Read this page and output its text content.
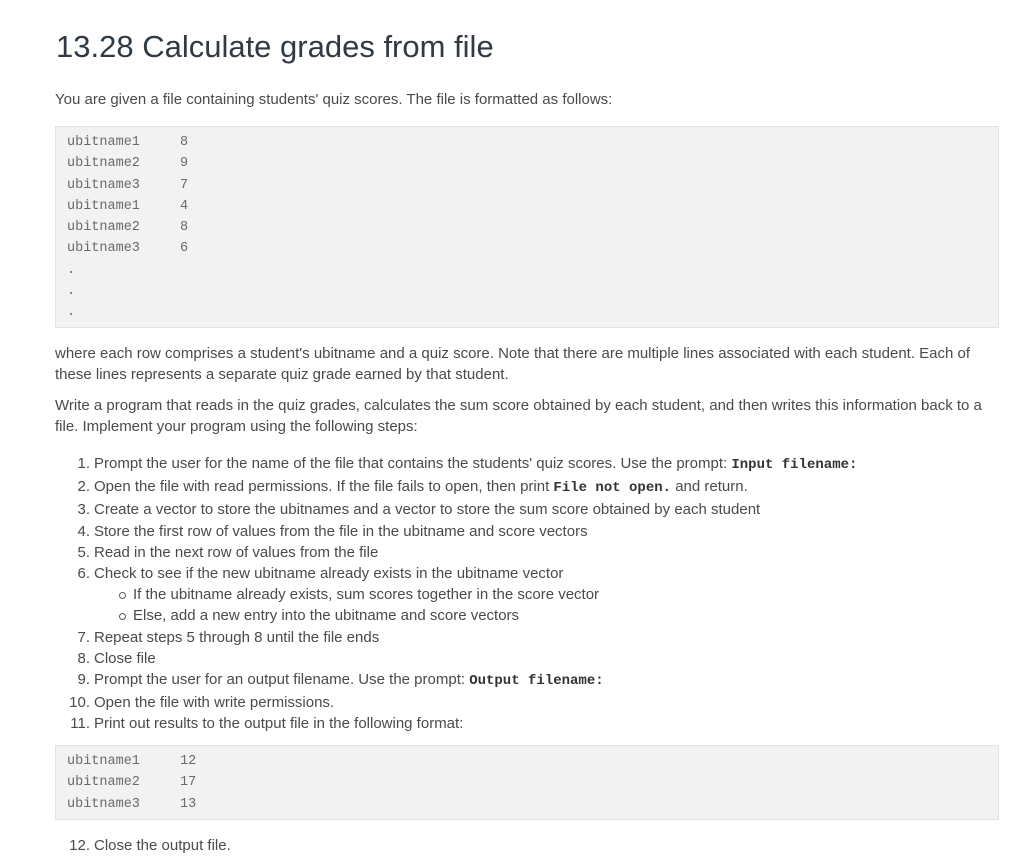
13.28 Calculate grades from file

You are given a file containing students' quiz scores. The file is formatted as follows:

ubitname1	8
ubitname2	9
ubitname3	7
ubitname1	4
ubitname2	8
ubitname3	6
.
.
.

where each row comprises a student's ubitname and a quiz score. Note that there are multiple lines associated with each student. Each of these lines represents a separate quiz grade earned by that student.

Write a program that reads in the quiz grades, calculates the sum score obtained by each student, and then writes this information back to a file. Implement your program using the following steps:

1. Prompt the user for the name of the file that contains the students' quiz scores. Use the prompt: Input filename:
2. Open the file with read permissions. If the file fails to open, then print File not open. and return.
3. Create a vector to store the ubitnames and a vector to store the sum score obtained by each student
4. Store the first row of values from the file in the ubitname and score vectors
5. Read in the next row of values from the file
6. Check to see if the new ubitname already exists in the ubitname vector
If the ubitname already exists, sum scores together in the score vector
Else, add a new entry into the ubitname and score vectors
7. Repeat steps 5 through 8 until the file ends
8. Close file
9. Prompt the user for an output filename. Use the prompt: Output filename:
10. Open the file with write permissions.
11. Print out results to the output file in the following format:
ubitname1	12
ubitname2	17
ubitname3	13

12. Close the output file.
